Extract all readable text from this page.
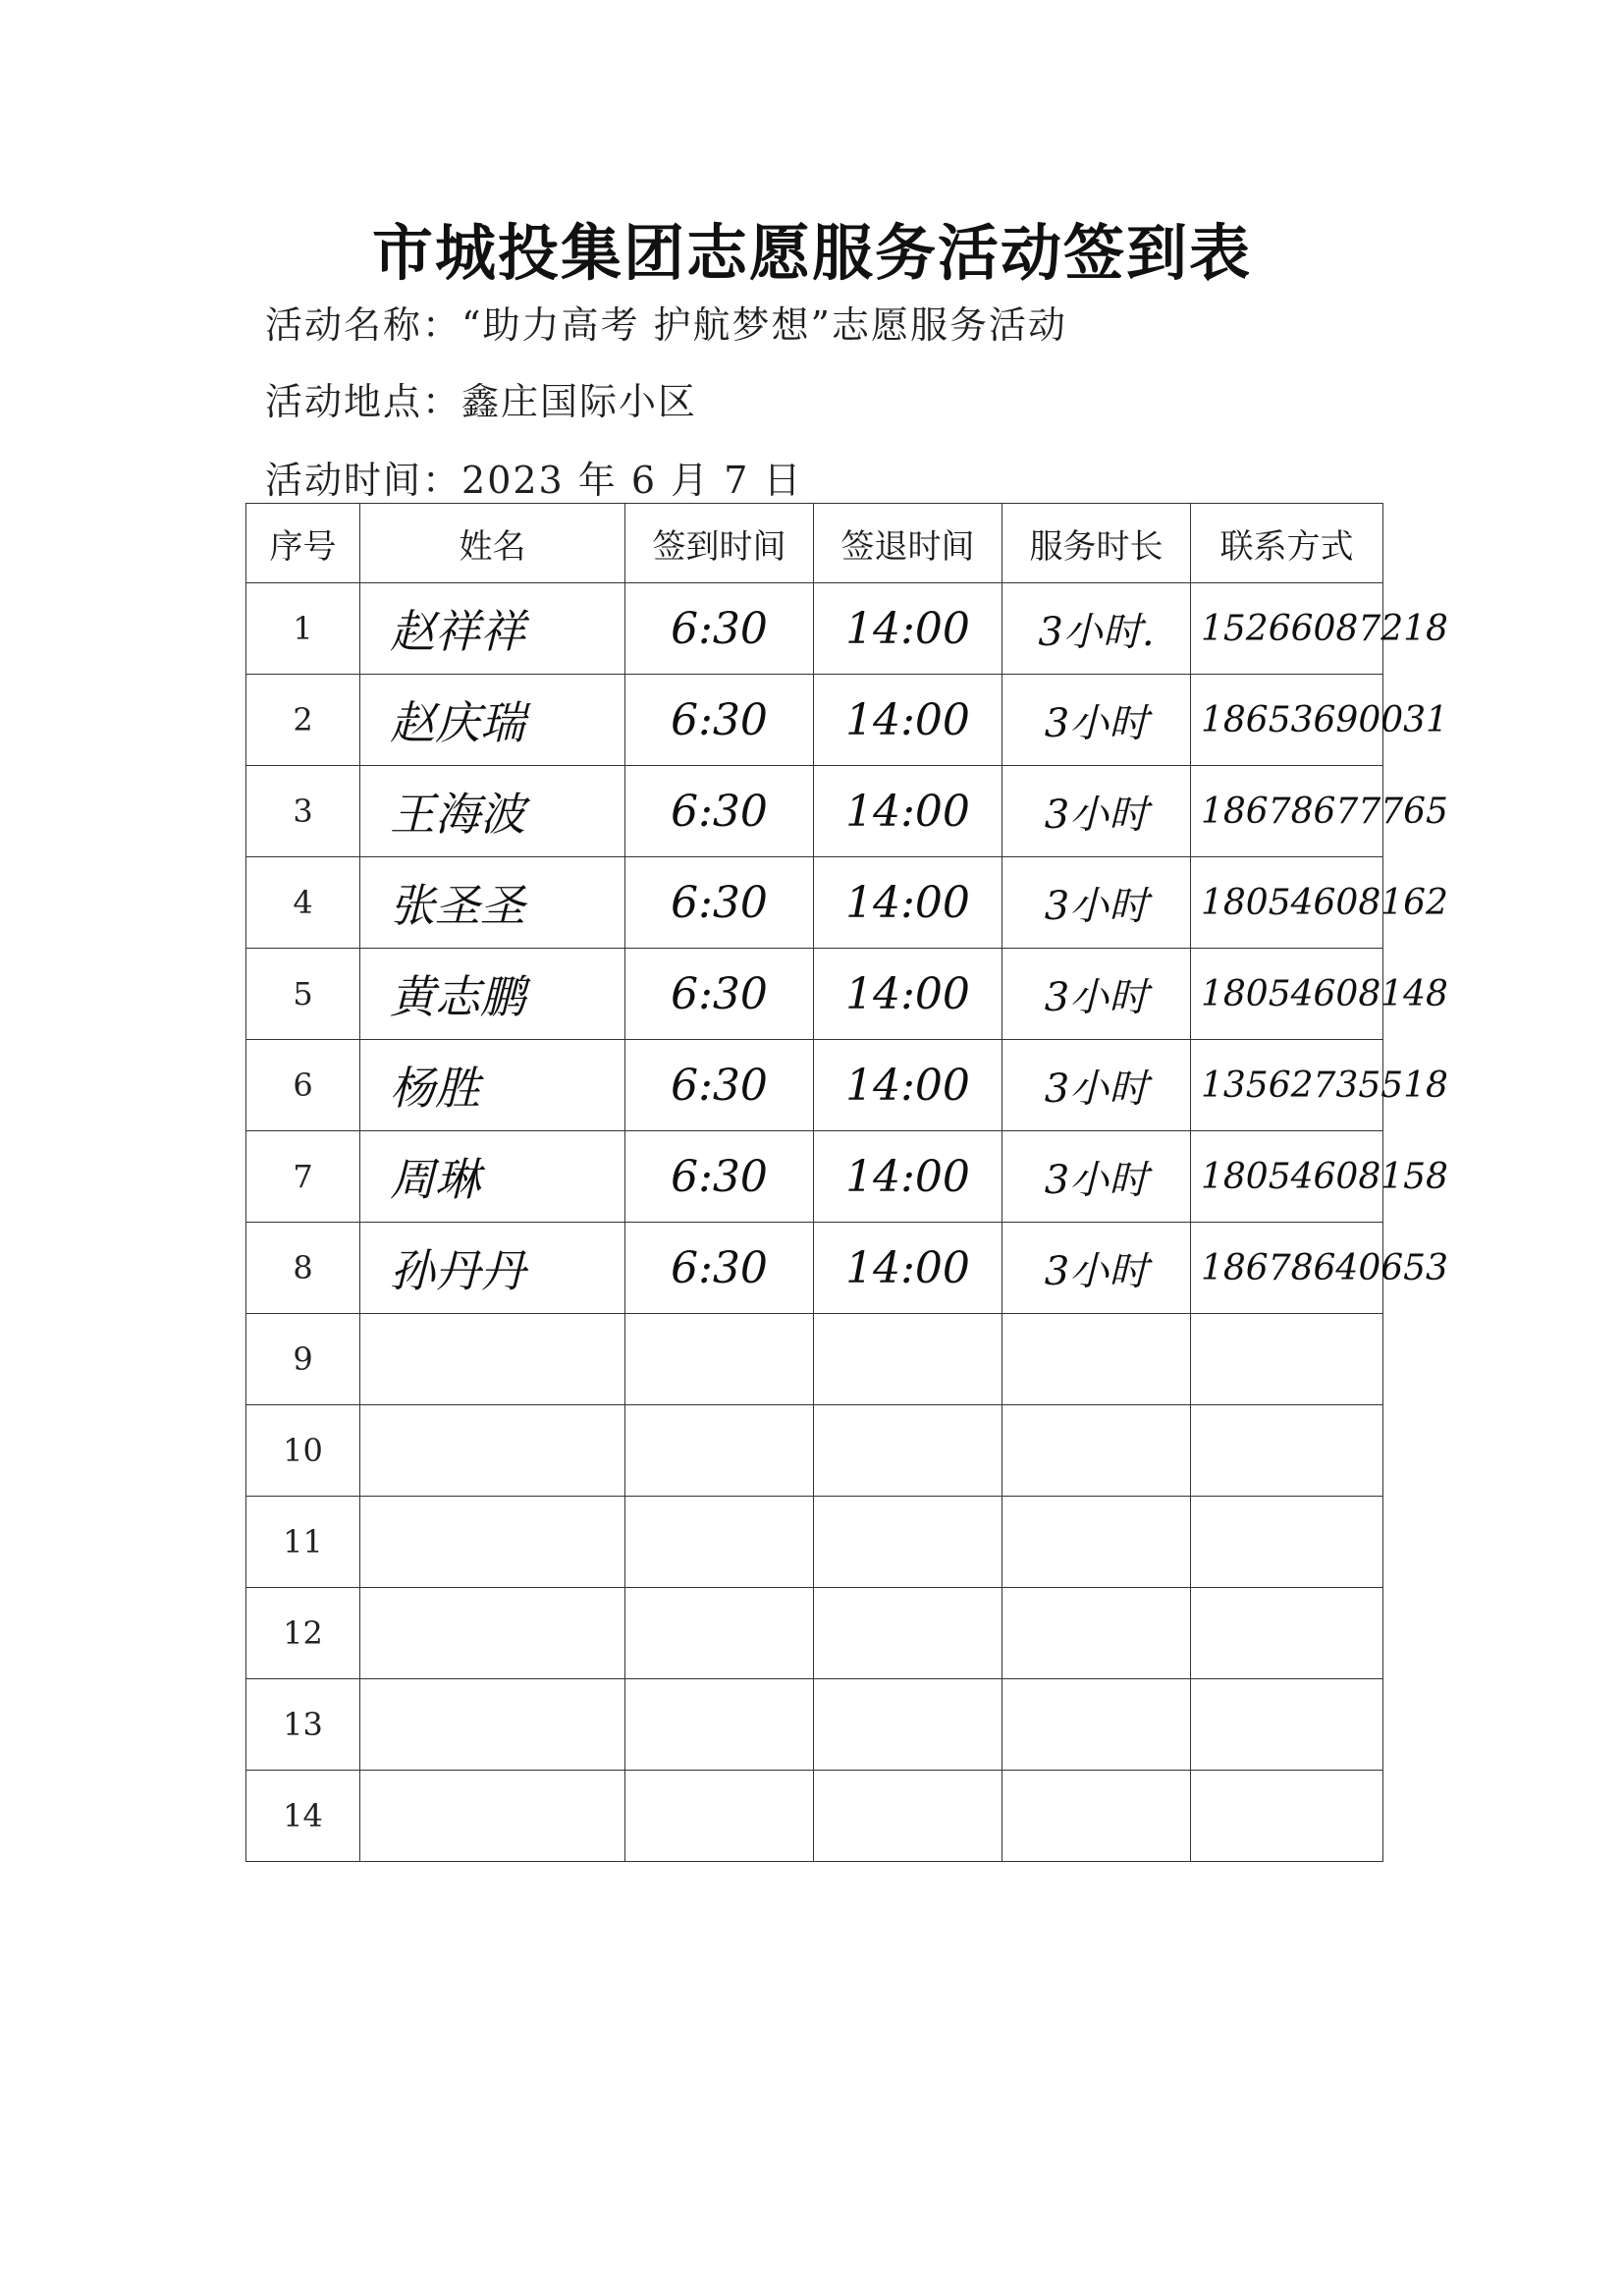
市城投集团志愿服务活动签到表
活动名称：“助力高考 护航梦想”志愿服务活动
活动地点：鑫庄国际小区
活动时间：2023 年 6 月 7 日
序号	姓名	签到时间	签退时间	服务时长	联系方式
1	赵祥祥	6:30	14:00	3小时.	15266087218
2	赵庆瑞	6:30	14:00	3小时	18653690031
3	王海波	6:30	14:00	3小时	18678677765
4	张圣圣	6:30	14:00	3小时	18054608162
5	黄志鹏	6:30	14:00	3小时	18054608148
6	杨胜	6:30	14:00	3小时	13562735518
7	周琳	6:30	14:00	3小时	18054608158
8	孙丹丹	6:30	14:00	3小时	18678640653
9					
10					
11					
12					
13					
14					
